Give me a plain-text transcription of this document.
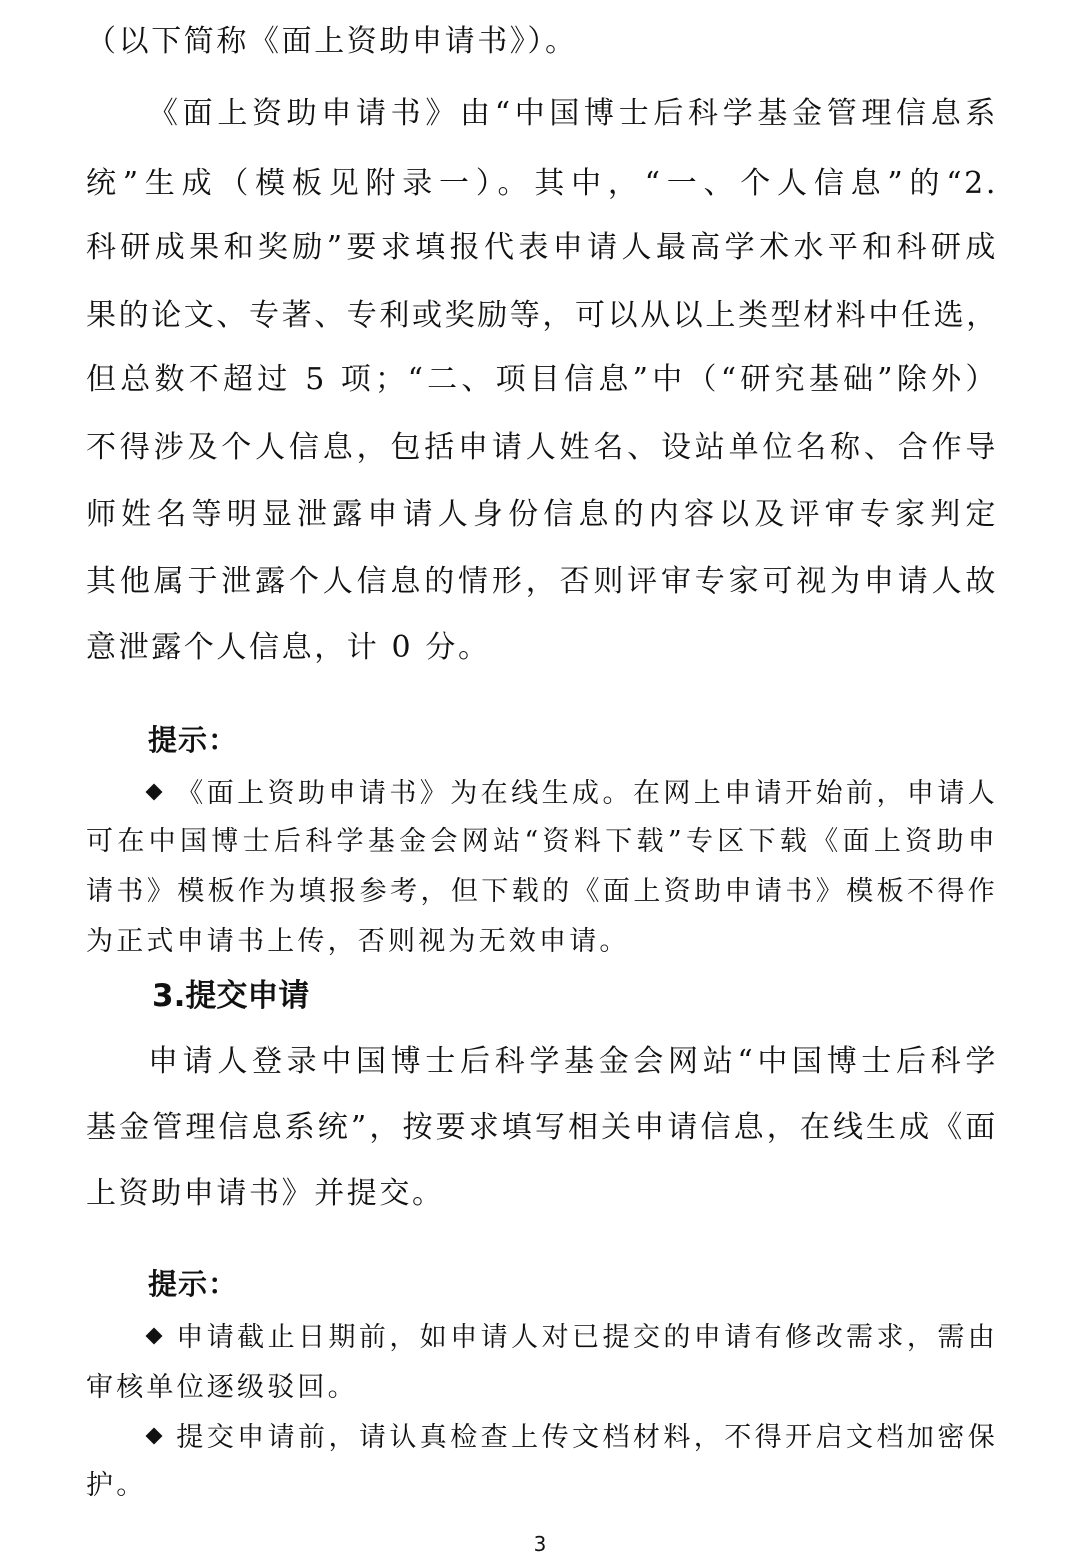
（以下简称《面上资助申请书》）。
《面上资助申请书》由“中国博士后科学基金管理信息系
统”生成（模板见附录一）。其中，“一、个人信息”的“2.
科研成果和奖励”要求填报代表申请人最高学术水平和科研成
果的论文、专著、专利或奖励等，可以从以上类型材料中任选，
但总数不超过 5 项；“二、项目信息”中（“研究基础”除外）
不得涉及个人信息，包括申请人姓名、设站单位名称、合作导
师姓名等明显泄露申请人身份信息的内容以及评审专家判定
其他属于泄露个人信息的情形，否则评审专家可视为申请人故
意泄露个人信息，计 0 分。
提示：
《面上资助申请书》为在线生成。在网上申请开始前，申请人
可在中国博士后科学基金会网站“资料下载”专区下载《面上资助申
请书》模板作为填报参考，但下载的《面上资助申请书》模板不得作
为正式申请书上传，否则视为无效申请。
3.提交申请
申请人登录中国博士后科学基金会网站“中国博士后科学
基金管理信息系统”，按要求填写相关申请信息，在线生成《面
上资助申请书》并提交。
提示：
申请截止日期前，如申请人对已提交的申请有修改需求，需由
审核单位逐级驳回。
提交申请前，请认真检查上传文档材料，不得开启文档加密保
护。
3
